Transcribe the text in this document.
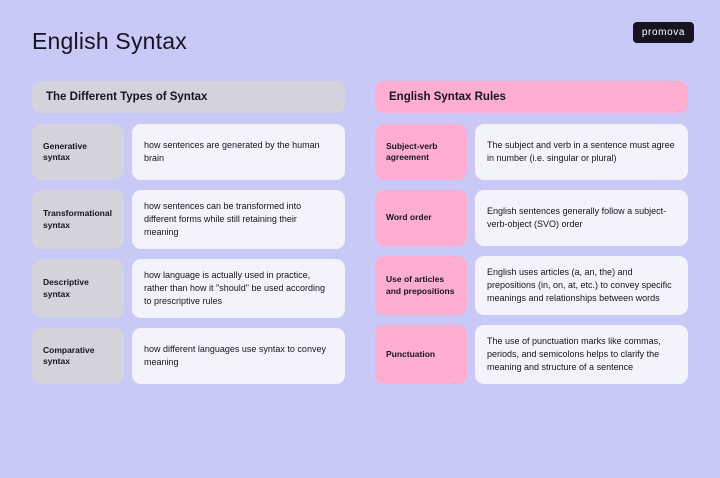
English Syntax	promova
The Different Types of Syntax
Generative syntax
how sentences are generated by the human brain
Transformational syntax
how sentences can be transformed into different forms while still retaining their meaning
Descriptive syntax
how language is actually used in practice, rather than how it "should" be used according to prescriptive rules
Comparative syntax
how different languages use syntax to convey meaning
English Syntax Rules
Subject-verb agreement
The subject and verb in a sentence must agree in number (i.e. singular or plural)
Word order
English sentences generally follow a subject-verb-object (SVO) order
Use of articles and prepositions
English uses articles (a, an, the) and prepositions (in, on, at, etc.) to convey specific meanings and relationships between words
Punctuation
The use of punctuation marks like commas, periods, and semicolons helps to clarify the meaning and structure of a sentence
